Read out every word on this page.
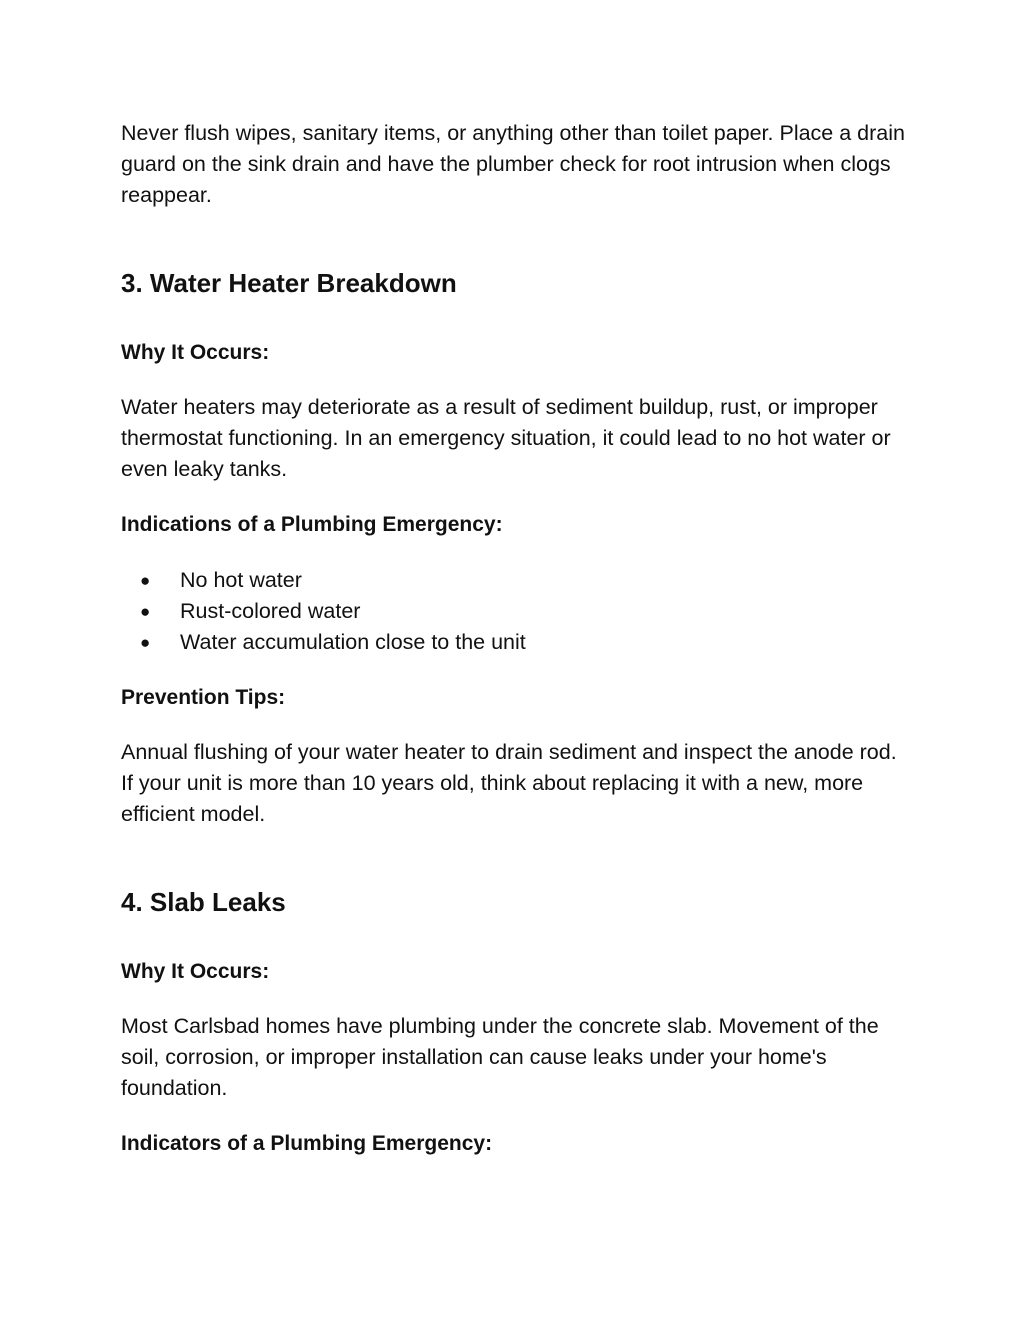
Never flush wipes, sanitary items, or anything other than toilet paper. Place a drain guard on the sink drain and have the plumber check for root intrusion when clogs reappear.

3. Water Heater Breakdown
Why It Occurs:

Water heaters may deteriorate as a result of sediment buildup, rust, or improper thermostat functioning. In an emergency situation, it could lead to no hot water or even leaky tanks.

Indications of a Plumbing Emergency:
● No hot water
● Rust-colored water
● Water accumulation close to the unit
Prevention Tips:

Annual flushing of your water heater to drain sediment and inspect the anode rod. If your unit is more than 10 years old, think about replacing it with a new, more efficient model.

4. Slab Leaks
Why It Occurs:

Most Carlsbad homes have plumbing under the concrete slab. Movement of the soil, corrosion, or improper installation can cause leaks under your home's foundation.

Indicators of a Plumbing Emergency:
